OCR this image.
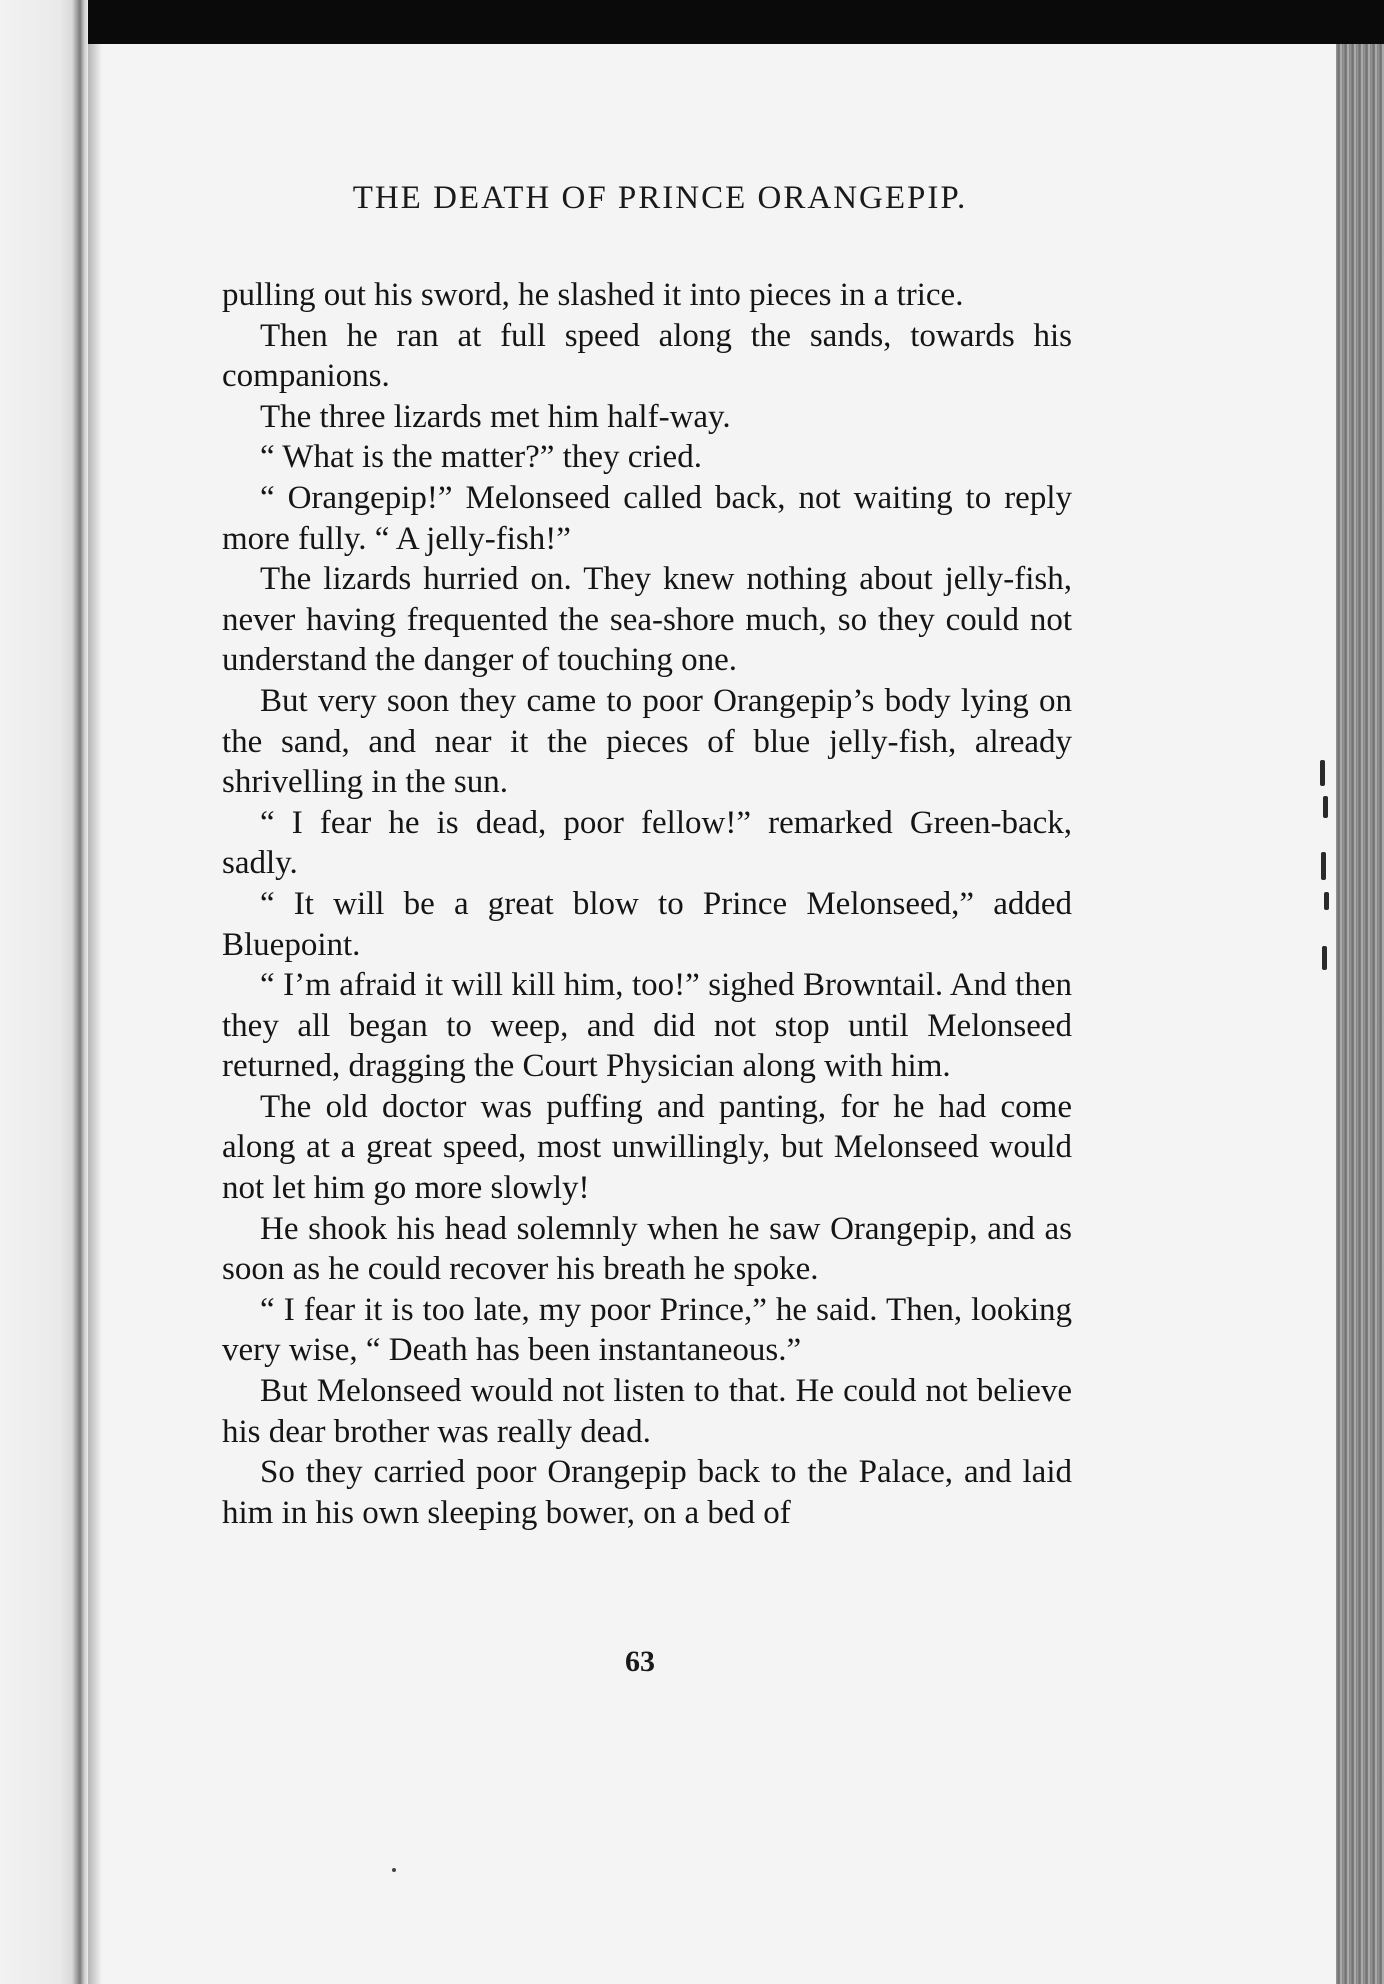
THE DEATH OF PRINCE ORANGEPIP.

pulling out his sword, he slashed it into pieces in a trice.

Then he ran at full speed along the sands, towards his companions.

The three lizards met him half-way.

“ What is the matter?” they cried.

“ Orangepip!” Melonseed called back, not waiting to reply more fully. “ A jelly-fish!”

The lizards hurried on. They knew nothing about jelly-fish, never having frequented the sea-shore much, so they could not understand the danger of touching one.

But very soon they came to poor Orangepip’s body lying on the sand, and near it the pieces of blue jelly-fish, already shrivelling in the sun.

“ I fear he is dead, poor fellow!” remarked Green-back, sadly.

“ It will be a great blow to Prince Melonseed,” added Bluepoint.

“ I’m afraid it will kill him, too!” sighed Browntail. And then they all began to weep, and did not stop until Melonseed returned, dragging the Court Physician along with him.

The old doctor was puffing and panting, for he had come along at a great speed, most unwillingly, but Melonseed would not let him go more slowly!

He shook his head solemnly when he saw Orangepip, and as soon as he could recover his breath he spoke.

“ I fear it is too late, my poor Prince,” he said. Then, looking very wise, “ Death has been instantaneous.”

But Melonseed would not listen to that. He could not believe his dear brother was really dead.

So they carried poor Orangepip back to the Palace, and laid him in his own sleeping bower, on a bed of

63
